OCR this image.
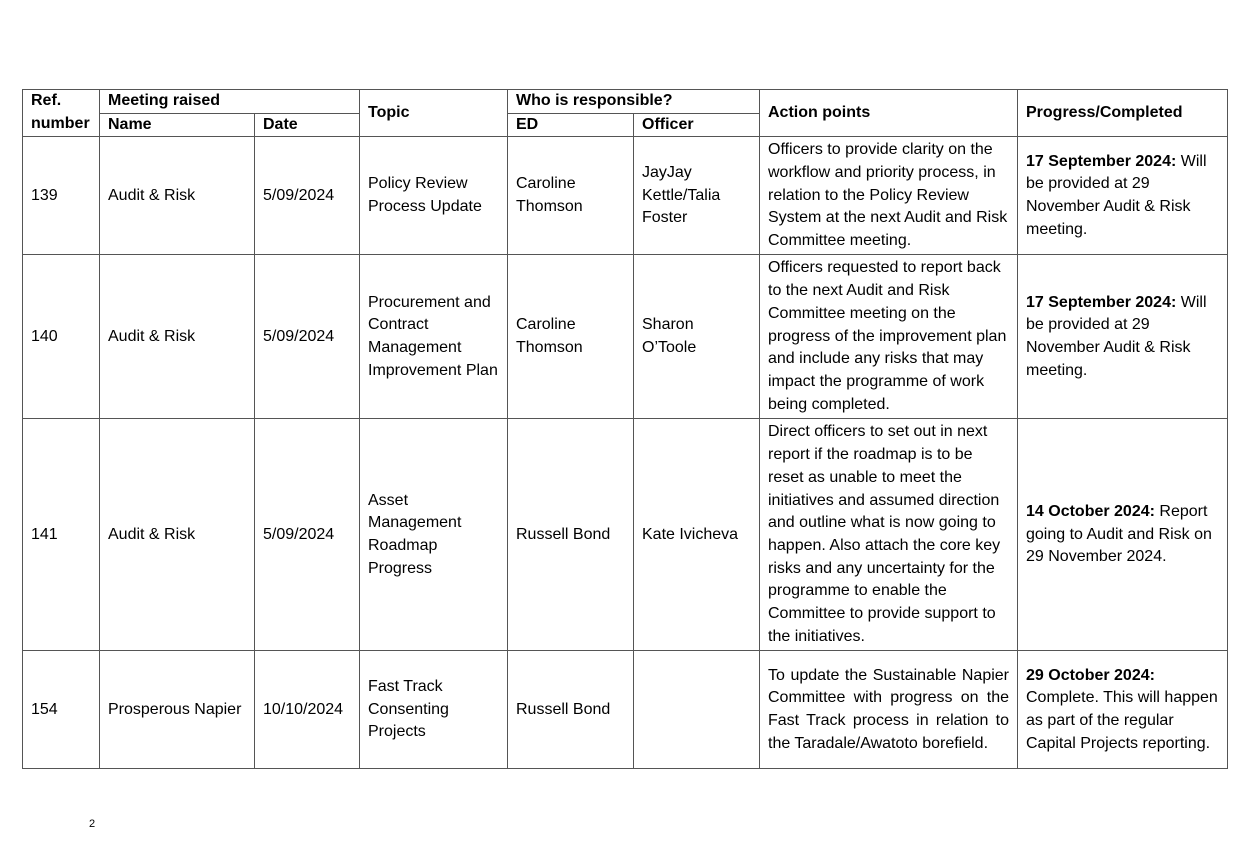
Ref. number	Meeting raised		Topic	Who is responsible?		Action points	Progress/Completed
	Name	Date		ED	Officer		
139	Audit & Risk	5/09/2024	Policy Review Process Update	Caroline Thomson	JayJay Kettle/Talia Foster	Officers to provide clarity on the workflow and priority process, in relation to the Policy Review System at the next Audit and Risk Committee meeting.	17 September 2024: Will be provided at 29 November Audit & Risk meeting.
140	Audit & Risk	5/09/2024	Procurement and Contract Management Improvement Plan	Caroline Thomson	Sharon O’Toole	Officers requested to report back to the next Audit and Risk Committee meeting on the progress of the improvement plan and include any risks that may impact the programme of work being completed.	17 September 2024: Will be provided at 29 November Audit & Risk meeting.
141	Audit & Risk	5/09/2024	Asset Management Roadmap Progress	Russell Bond	Kate Ivicheva	Direct officers to set out in next report if the roadmap is to be reset as unable to meet the initiatives and assumed direction and outline what is now going to happen. Also attach the core key risks and any uncertainty for the programme to enable the Committee to provide support to the initiatives.	14 October 2024: Report going to Audit and Risk on 29 November 2024.
154	Prosperous Napier	10/10/2024	Fast Track Consenting Projects	Russell Bond		To update the Sustainable Napier Committee with progress on the Fast Track process in relation to the Taradale/Awatoto borefield.	29 October 2024: Complete. This will happen as part of the regular Capital Projects reporting.
2
